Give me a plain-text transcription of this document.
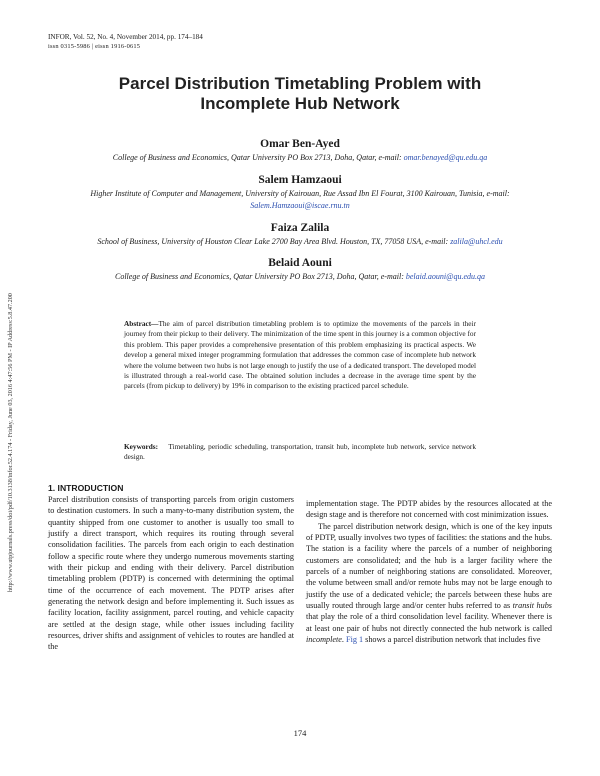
INFOR, Vol. 52, No. 4, November 2014, pp. 174–184
issn 0315-5986 | eissn 1916-0615
http://www.utpjournals.press/doi/pdf/10.3138/infor.52.4.174 - Friday, June 03, 2016 4:47:56 PM - IP Address:5.8.47.200
Parcel Distribution Timetabling Problem with
Incomplete Hub Network
Omar Ben-Ayed
College of Business and Economics, Qatar University PO Box 2713, Doha, Qatar, e-mail: omar.benayed@qu.edu.qa
Salem Hamzaoui
Higher Institute of Computer and Management, University of Kairouan, Rue Assad Ibn El Fourat, 3100 Kairouan, Tunisia, e-mail: Salem.Hamzaoui@iscae.rnu.tn
Faiza Zalila
School of Business, University of Houston Clear Lake 2700 Bay Area Blvd. Houston, TX, 77058 USA, e-mail: zalila@uhcl.edu
Belaid Aouni
College of Business and Economics, Qatar University PO Box 2713, Doha, Qatar, e-mail: belaid.aouni@qu.edu.qa
Abstract—The aim of parcel distribution timetabling problem is to optimize the movements of the parcels in their journey from their pickup to their delivery. The minimization of the time spent in this journey is a common objective for this problem. This paper provides a comprehensive presentation of this problem emphasizing its practical aspects. We develop a general mixed integer programming formulation that addresses the common case of incomplete hub network where the volume between two hubs is not large enough to justify the use of a dedicated transport. The developed model is illustrated through a real-world case. The obtained solution includes a decrease in the average time spent by the parcels (from pickup to delivery) by 19% in comparison to the existing practiced parcel schedule.
Keywords: Timetabling, periodic scheduling, transportation, transit hub, incomplete hub network, service network design.
1. INTRODUCTION

Parcel distribution consists of transporting parcels from origin customers to destination customers. In such a many-to-many distribution system, the quantity shipped from one customer to another is usually too small to justify a direct transport, which requires its routing through several consolidation facilities. The parcels from each origin to each destination follow a specific route where they undergo numerous movements starting with their pickup and ending with their delivery. Parcel distribution timetabling problem (PDTP) is concerned with determining the optimal time of the occurrence of each movement. The PDTP arises after generating the network design and before implementing it. Such issues as facility location, facility assignment, parcel routing, and vehicle capacity are settled at the design stage, while other issues including facility resources, driver shifts and assignment of vehicles to routes are handled at the

implementation stage. The PDTP abides by the resources allocated at the design stage and is therefore not concerned with cost minimization issues.

The parcel distribution network design, which is one of the key inputs of PDTP, usually involves two types of facilities: the stations and the hubs. The station is a facility where the parcels of a number of neighboring customers are consolidated; and the hub is a larger facility where the parcels of a number of neighboring stations are consolidated. Moreover, the volume between small and/or remote hubs may not be large enough to justify the use of a dedicated vehicle; the parcels between these hubs are usually routed through large and/or center hubs referred to as transit hubs that play the role of a third consolidation level facility. Whenever there is at least one pair of hubs not directly connected the hub network is called incomplete. Fig 1 shows a parcel distribution network that includes five

174
